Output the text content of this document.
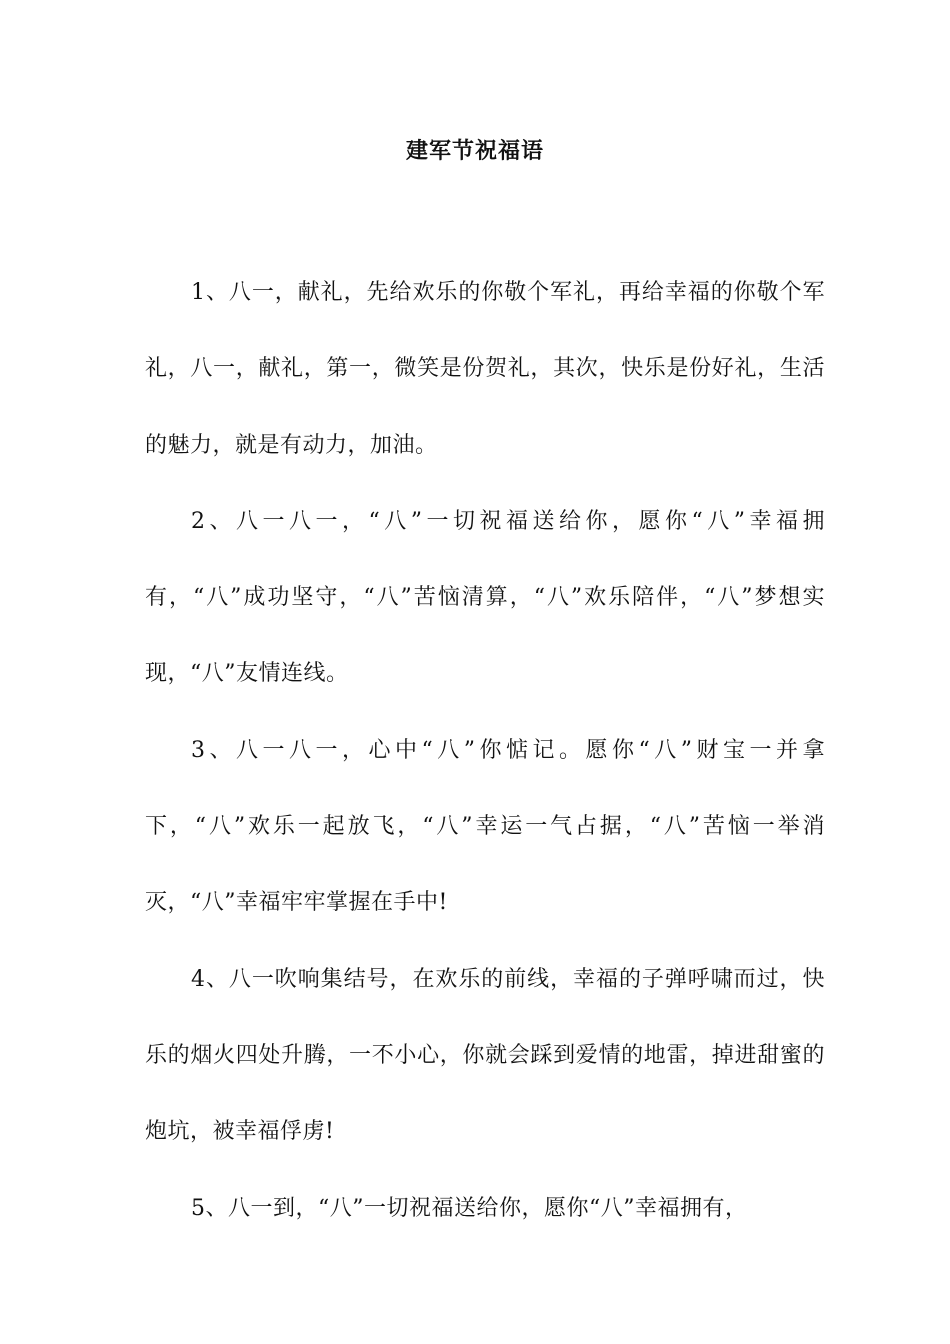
建军节祝福语

1、八一，献礼，先给欢乐的你敬个军礼，再给幸福的你敬个军礼，八一，献礼，第一，微笑是份贺礼，其次，快乐是份好礼，生活的魅力，就是有动力，加油。

2、八一八一，“八”一切祝福送给你，愿你“八”幸福拥有，“八”成功坚守，“八”苦恼清算，“八”欢乐陪伴，“八”梦想实现，“八”友情连线。

3、八一八一，心中“八”你惦记。愿你“八”财宝一并拿下，“八”欢乐一起放飞，“八”幸运一气占据，“八”苦恼一举消灭，“八”幸福牢牢掌握在手中!

4、八一吹响集结号，在欢乐的前线，幸福的子弹呼啸而过，快乐的烟火四处升腾，一不小心，你就会踩到爱情的地雷，掉进甜蜜的炮坑，被幸福俘虏!

5、八一到，“八”一切祝福送给你，愿你“八”幸福拥有，
